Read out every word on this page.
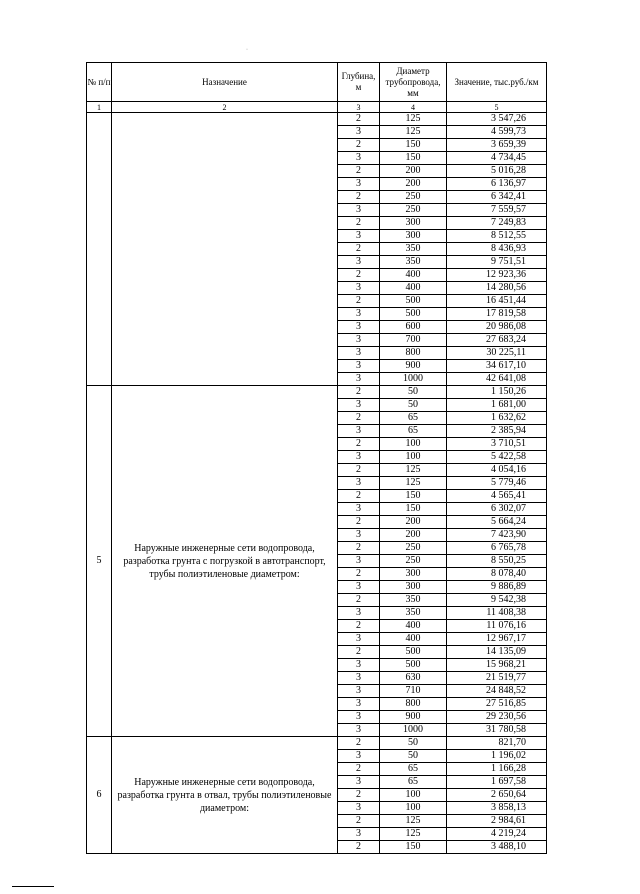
·
№ п/п	Назначение	Глубина, м	Диаметр трубопровода, мм	Значение, тыс.руб./км
1	2	3	4	5
		2	125	3 547,26
		3	125	4 599,73
		2	150	3 659,39
		3	150	4 734,45
		2	200	5 016,28
		3	200	6 136,97
		2	250	6 342,41
		3	250	7 559,57
		2	300	7 249,83
		3	300	8 512,55
		2	350	8 436,93
		3	350	9 751,51
		2	400	12 923,36
		3	400	14 280,56
		2	500	16 451,44
		3	500	17 819,58
		3	600	20 986,08
		3	700	27 683,24
		3	800	30 225,11
		3	900	34 617,10
		3	1000	42 641,08
5	Наружные инженерные сети водопровода, разработка грунта с погрузкой в автотранспорт, трубы полиэтиленовые диаметром:	2	50	1 150,26
		3	50	1 681,00
		2	65	1 632,62
		3	65	2 385,94
		2	100	3 710,51
		3	100	5 422,58
		2	125	4 054,16
		3	125	5 779,46
		2	150	4 565,41
		3	150	6 302,07
		2	200	5 664,24
		3	200	7 423,90
		2	250	6 765,78
		3	250	8 550,25
		2	300	8 078,40
		3	300	9 886,89
		2	350	9 542,38
		3	350	11 408,38
		2	400	11 076,16
		3	400	12 967,17
		2	500	14 135,09
		3	500	15 968,21
		3	630	21 519,77
		3	710	24 848,52
		3	800	27 516,85
		3	900	29 230,56
		3	1000	31 780,58
6	Наружные инженерные сети водопровода, разработка грунта в отвал, трубы полиэтиленовые диаметром:	2	50	821,70
		3	50	1 196,02
		2	65	1 166,28
		3	65	1 697,58
		2	100	2 650,64
		3	100	3 858,13
		2	125	2 984,61
		3	125	4 219,24
		2	150	3 488,10
